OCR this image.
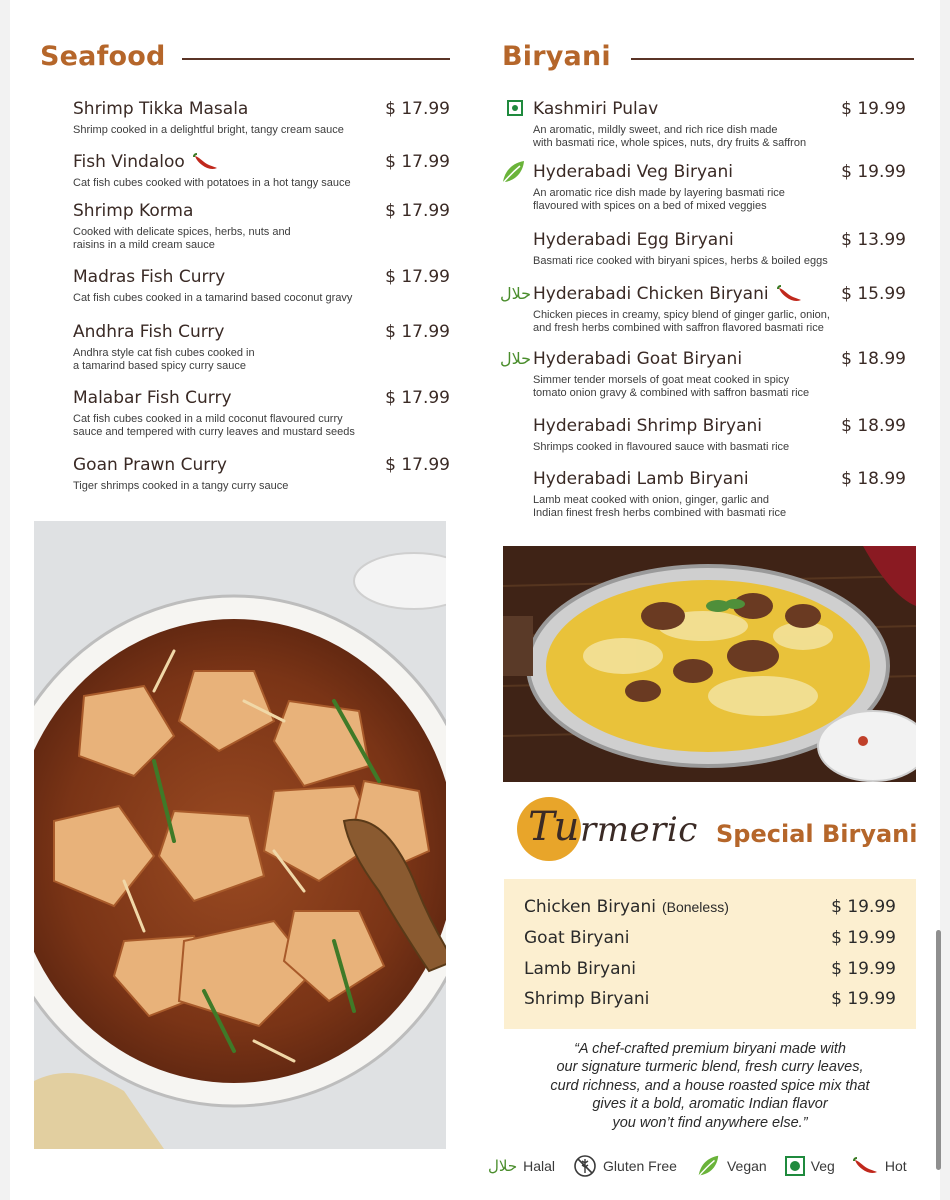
Seafood
Shrimp Tikka Masala	$ 17.99
Shrimp cooked in a delightful bright, tangy cream sauce
Fish Vindaloo	$ 17.99
Cat fish cubes cooked with potatoes in a hot tangy sauce
Shrimp Korma	$ 17.99
Cooked with delicate spices, herbs, nuts and
raisins in a mild cream sauce
Madras Fish Curry	$ 17.99
Cat fish cubes cooked in a tamarind based coconut gravy
Andhra Fish Curry	$ 17.99
Andhra style cat fish cubes cooked in
a tamarind based spicy curry sauce
Malabar Fish Curry	$ 17.99
Cat fish cubes cooked in a mild coconut flavoured curry
sauce and tempered with curry leaves and mustard seeds
Goan Prawn Curry	$ 17.99
Tiger shrimps cooked in a tangy curry sauce
Biryani
Kashmiri Pulav	$ 19.99
An aromatic, mildly sweet, and rich rice dish made
with basmati rice, whole spices, nuts, dry fruits & saffron
Hyderabadi Veg Biryani	$ 19.99
An aromatic rice dish made by layering basmati rice
flavoured with spices on a bed of mixed veggies
Hyderabadi Egg Biryani	$ 13.99
Basmati rice cooked with biryani spices, herbs & boiled eggs
حلال Hyderabadi Chicken Biryani	$ 15.99
Chicken pieces in creamy, spicy blend of ginger garlic, onion,
and fresh herbs combined with saffron flavored basmati rice
حلال Hyderabadi Goat Biryani	$ 18.99
Simmer tender morsels of goat meat cooked in spicy
tomato onion gravy & combined with saffron basmati rice
Hyderabadi Shrimp Biryani	$ 18.99
Shrimps cooked in flavoured sauce with basmati rice
Hyderabadi Lamb Biryani	$ 18.99
Lamb meat cooked with onion, ginger, garlic and
Indian finest fresh herbs combined with basmati rice
Tu rmeric Special Biryani
Chicken Biryani (Boneless)	$ 19.99
Goat Biryani	$ 19.99
Lamb Biryani	$ 19.99
Shrimp Biryani	$ 19.99
“A chef-crafted premium biryani made with
our signature turmeric blend, fresh curry leaves,
curd richness, and a house roasted spice mix that
gives it a bold, aromatic Indian flavor
you won’t find anywhere else.”
حلال Halal	Gluten Free	Vegan	Veg	Hot
